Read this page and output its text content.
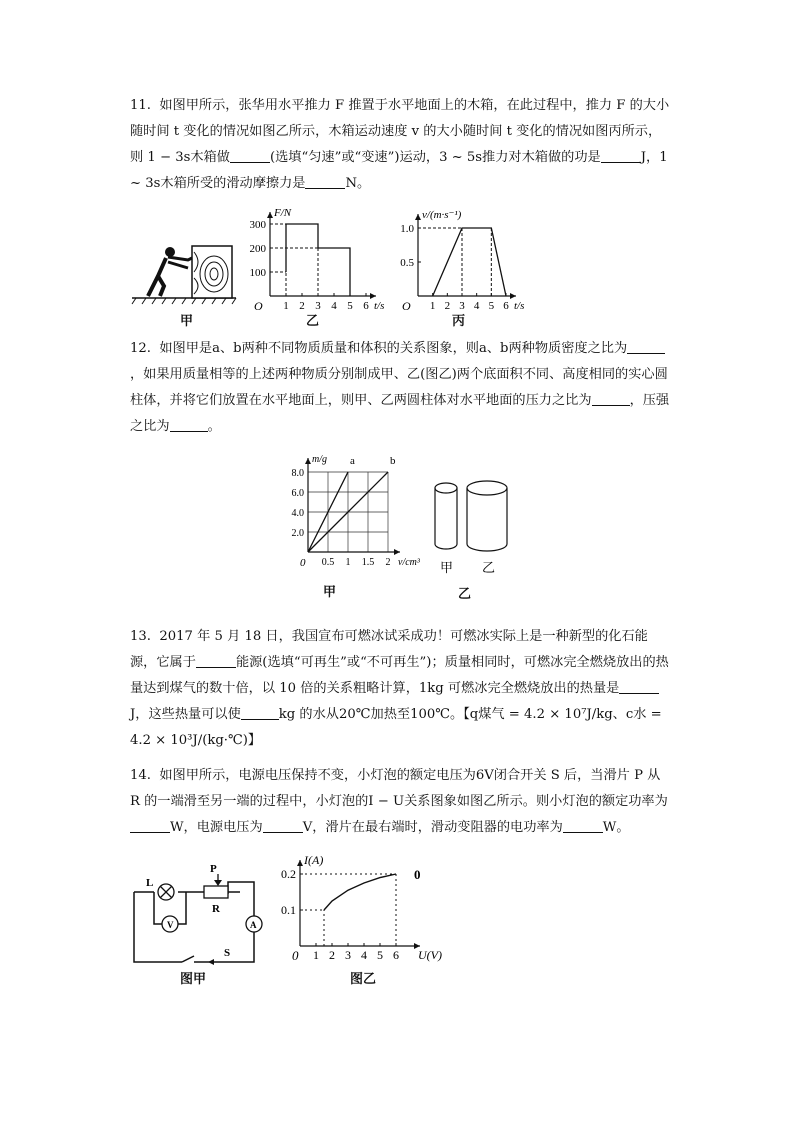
11.  如图甲所示，张华用水平推力 F 推置于水平地面上的木箱，在此过程中，推力 F 的大小随时间 t 变化的情况如图乙所示，木箱运动速度 v 的大小随时间 t 变化的情况如图丙所示，则 1 − 3s木箱做	(选填“匀速”或“变速”)运动，3 ~ 5s推力对木箱做的功是	J，1 ~ 3s木箱所受的滑动摩擦力是	N。
甲
1 2 3 4 5 6
100
200
300
O	t/s
F/N
乙
1 2 3 4 5 6
0.5
1.0
O	t/s
v/(m·s⁻¹)
丙
12.  如图甲是a、b两种不同物质质量和体积的关系图象，则a、b两种物质密度之比为，如果用质量相等的上述两种物质分别制成甲、乙(图乙)两个底面积不同、高度相同的实心圆柱体，并将它们放置在水平地面上，则甲、乙两圆柱体对水平地面的压力之比为	，压强之比为	。
0.5 1 1.5 2
2.0
4.0
6.0
8.0
0	v/cm³
m/g a	b
甲
甲 乙
乙
13.  2017 年 5 月 18 日，我国宣布可燃冰试采成功！可燃冰实际上是一种新型的化石能源，它属于	能源(选填“可再生”或“不可再生”)；质量相同时，可燃冰完全燃烧放出的热量达到煤气的数十倍，以 10 倍的关系粗略计算，1kg 可燃冰完全燃烧放出的热量是J，这些热量可以使	kg 的水从20℃加热至100℃。【q煤气 = 4.2 × 10⁷J/kg、c水 = 4.2 × 10³J/(kg·℃)】
14.  如图甲所示，电源电压保持不变，小灯泡的额定电压为6V闭合开关 S 后，当滑片 P 从 R 的一端滑至另一端的过程中，小灯泡的I − U关系图象如图乙所示。则小灯泡的额定功率为W，电源电压为	V，滑片在最右端时，滑动变阻器的电功率为	W。
L
P
R
A
V
S
图甲
1 2 3 4 5 6
0.1
0.2
0	U(V)
I(A)
0
图乙
